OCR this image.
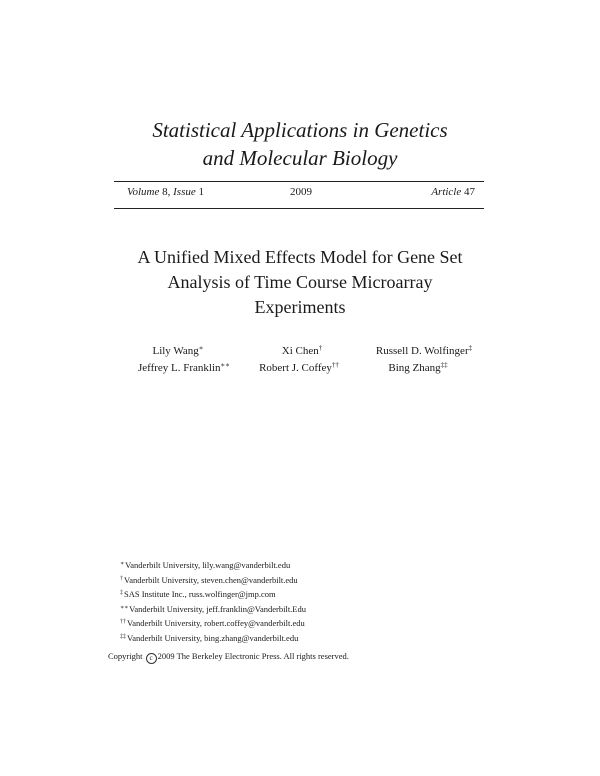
Statistical Applications in Genetics
and Molecular Biology
Volume 8, Issue 1	2009	Article 47
A Unified Mixed Effects Model for Gene Set
Analysis of Time Course Microarray
Experiments
Lily Wang∗	Xi Chen†	Russell D. Wolfinger‡
Jeffrey L. Franklin∗∗	Robert J. Coffey††	Bing Zhang‡‡
∗Vanderbilt University, lily.wang@vanderbilt.edu
†Vanderbilt University, steven.chen@vanderbilt.edu
‡SAS Institute Inc., russ.wolfinger@jmp.com
∗∗Vanderbilt University, jeff.franklin@Vanderbilt.Edu
††Vanderbilt University, robert.coffey@vanderbilt.edu
‡‡Vanderbilt University, bing.zhang@vanderbilt.edu
Copyright c 2009 The Berkeley Electronic Press. All rights reserved.
